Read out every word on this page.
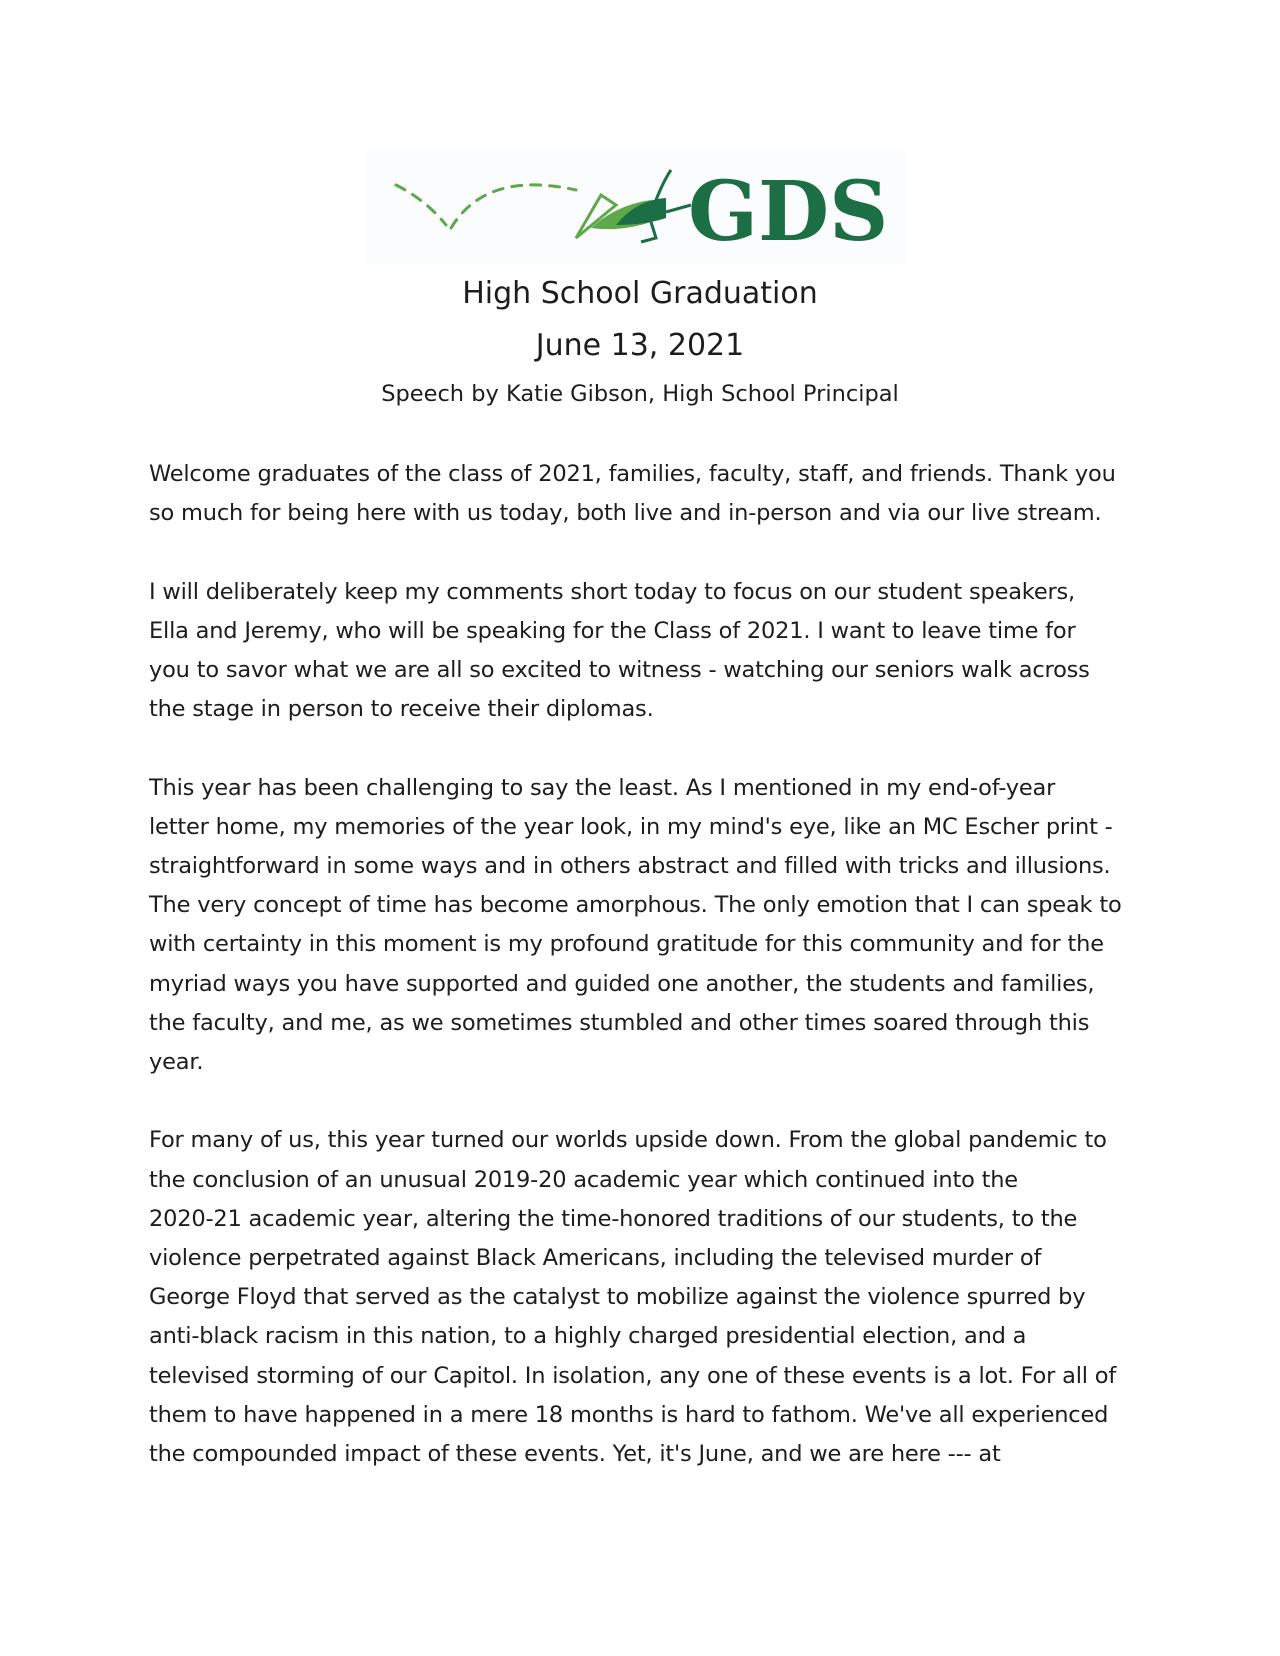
GDS
High School Graduation
June 13, 2021
Speech by Katie Gibson, High School Principal

Welcome graduates of the class of 2021, families, faculty, staff, and friends. Thank you
so much for being here with us today, both live and in-person and via our live stream.

I will deliberately keep my comments short today to focus on our student speakers,
Ella and Jeremy, who will be speaking for the Class of 2021. I want to leave time for
you to savor what we are all so excited to witness - watching our seniors walk across
the stage in person to receive their diplomas.

This year has been challenging to say the least. As I mentioned in my end-of-year
letter home, my memories of the year look, in my mind's eye, like an MC Escher print -
straightforward in some ways and in others abstract and filled with tricks and illusions.
The very concept of time has become amorphous. The only emotion that I can speak to
with certainty in this moment is my profound gratitude for this community and for the
myriad ways you have supported and guided one another, the students and families,
the faculty, and me, as we sometimes stumbled and other times soared through this
year.

For many of us, this year turned our worlds upside down. From the global pandemic to
the conclusion of an unusual 2019-20 academic year which continued into the
2020-21 academic year, altering the time-honored traditions of our students, to the
violence perpetrated against Black Americans, including the televised murder of
George Floyd that served as the catalyst to mobilize against the violence spurred by
anti-black racism in this nation, to a highly charged presidential election, and a
televised storming of our Capitol. In isolation, any one of these events is a lot. For all of
them to have happened in a mere 18 months is hard to fathom. We've all experienced
the compounded impact of these events. Yet, it's June, and we are here --- at
